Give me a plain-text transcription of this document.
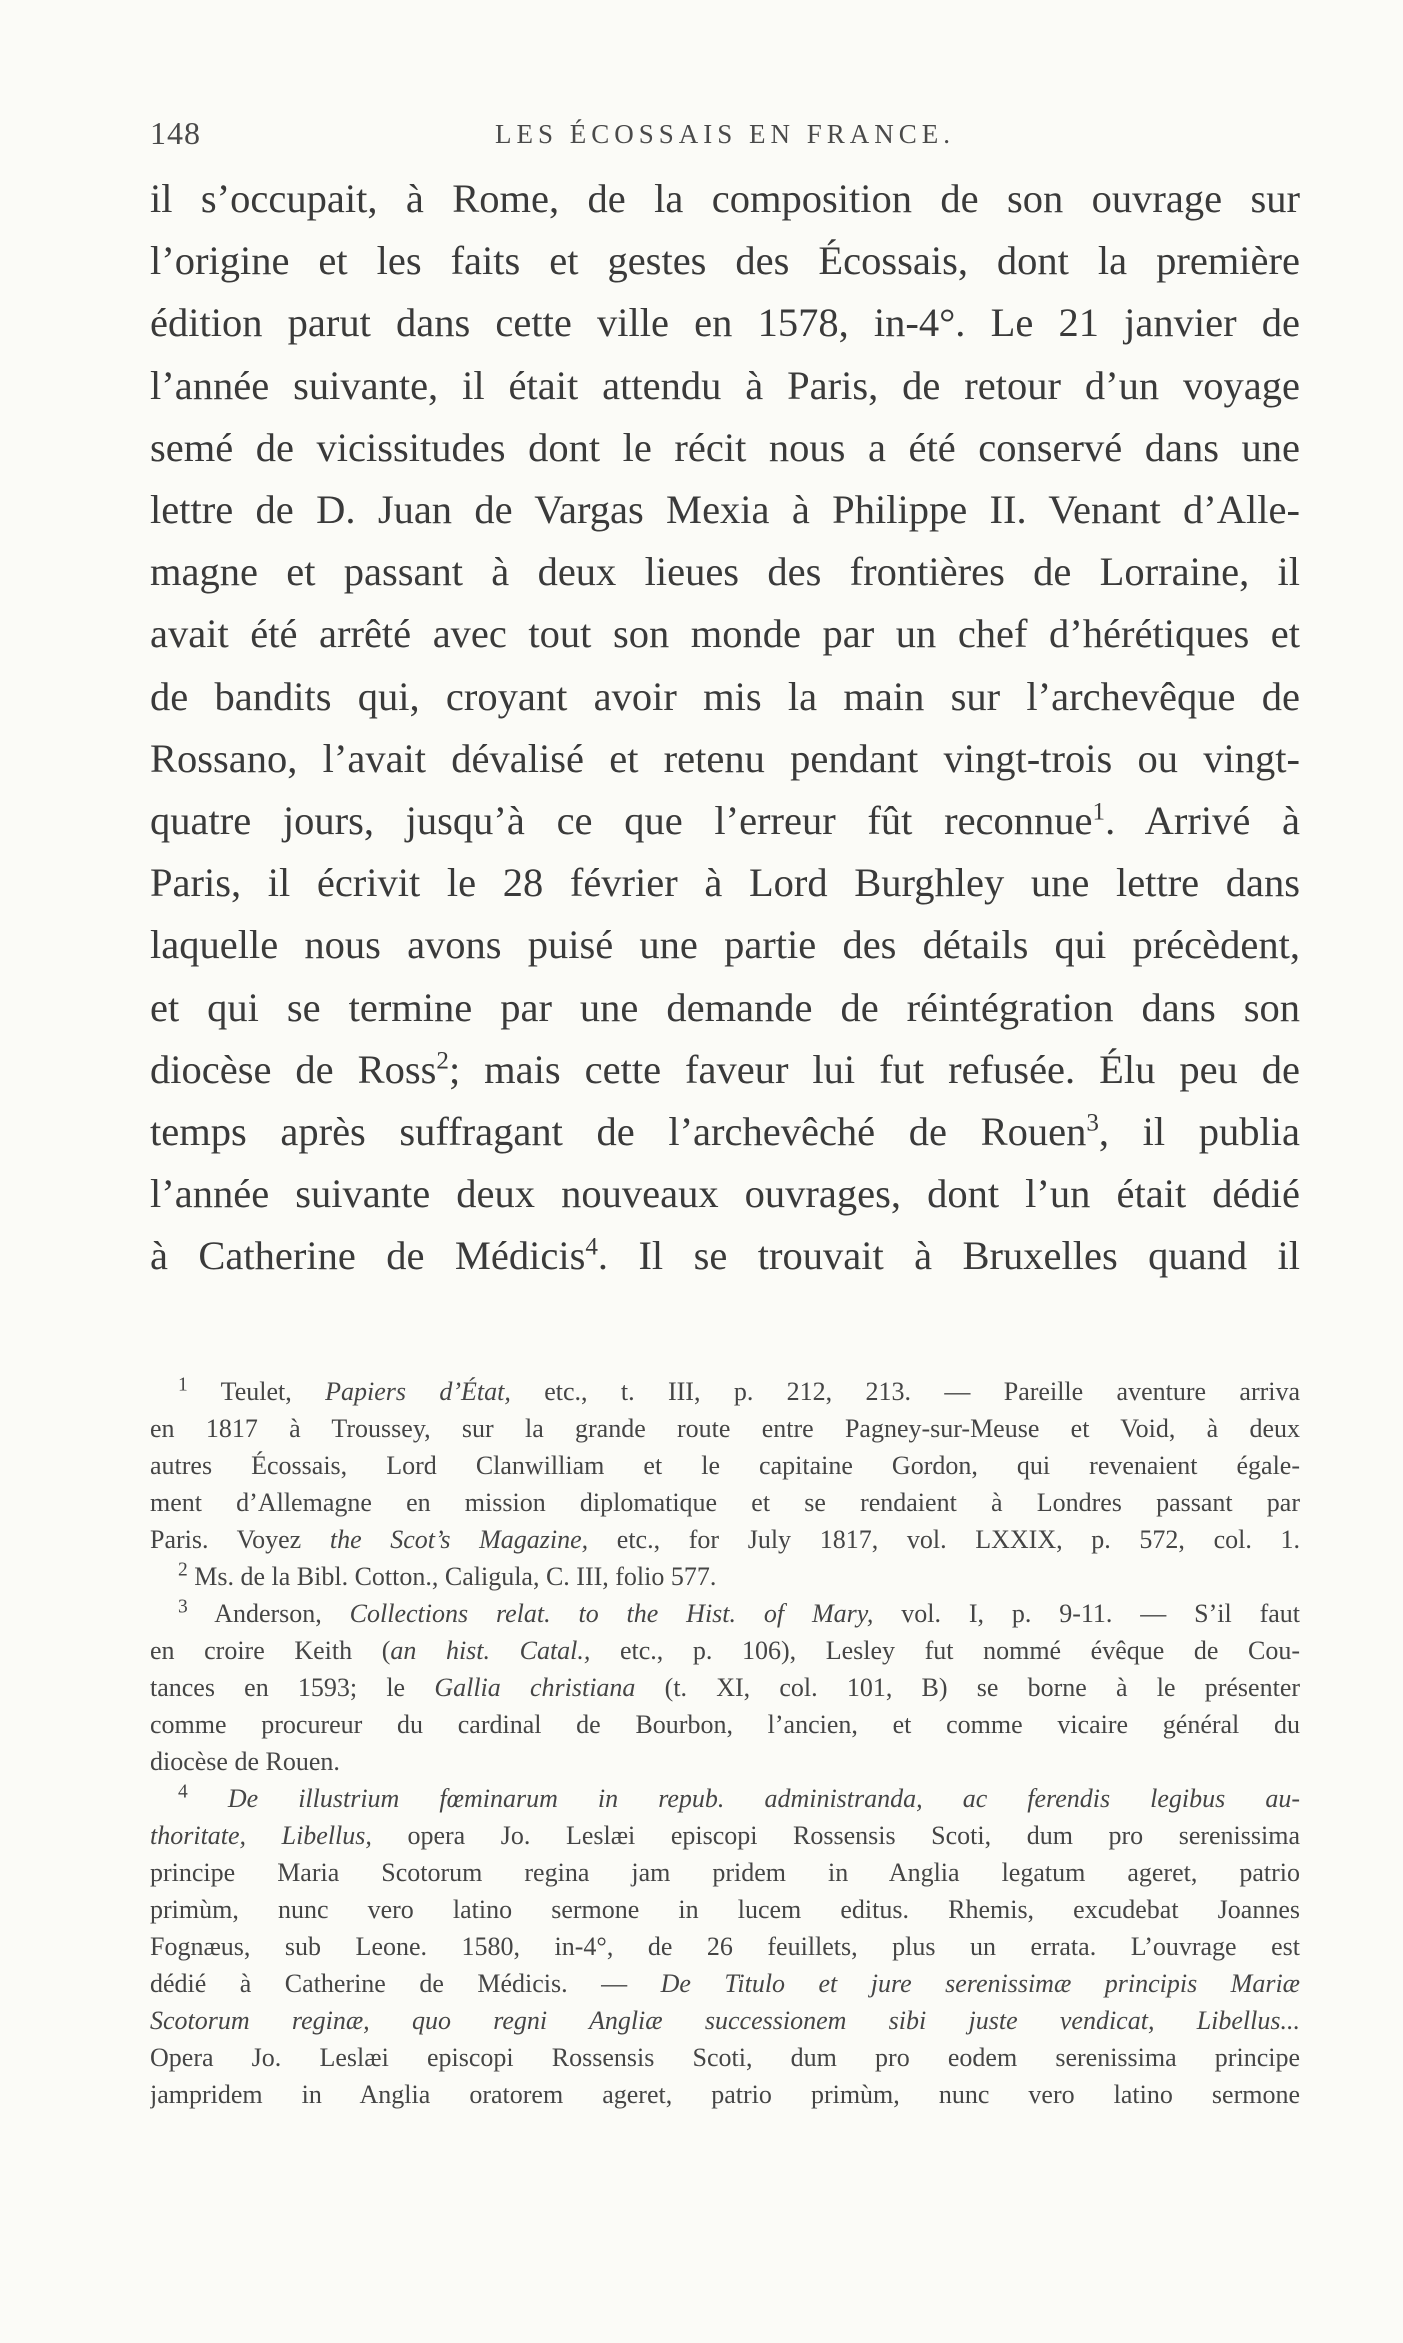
148	LES ÉCOSSAIS EN FRANCE.
il s’occupait, à Rome, de la composition de son ouvrage sur
l’origine et les faits et gestes des Écossais, dont la première
édition parut dans cette ville en 1578, in-4°. Le 21 janvier de
l’année suivante, il était attendu à Paris, de retour d’un voyage
semé de vicissitudes dont le récit nous a été conservé dans une
lettre de D. Juan de Vargas Mexia à Philippe II. Venant d’Alle-
magne et passant à deux lieues des frontières de Lorraine, il
avait été arrêté avec tout son monde par un chef d’hérétiques et
de bandits qui, croyant avoir mis la main sur l’archevêque de
Rossano, l’avait dévalisé et retenu pendant vingt-trois ou vingt-
quatre jours, jusqu’à ce que l’erreur fût reconnue$^1$. Arrivé à
Paris, il écrivit le 28 février à Lord Burghley une lettre dans
laquelle nous avons puisé une partie des détails qui précèdent,
et qui se termine par une demande de réintégration dans son
diocèse de Ross$^2$; mais cette faveur lui fut refusée. Élu peu de
temps après suffragant de l’archevêché de Rouen$^3$, il publia
l’année suivante deux nouveaux ouvrages, dont l’un était dédié
à Catherine de Médicis$^4$. Il se trouvait à Bruxelles quand il
$^1$ Teulet, Papiers d’État, etc., t. III, p. 212, 213. — Pareille aventure arriva
en 1817 à Troussey, sur la grande route entre Pagney-sur-Meuse et Void, à deux
autres Écossais, Lord Clanwilliam et le capitaine Gordon, qui revenaient égale-
ment d’Allemagne en mission diplomatique et se rendaient à Londres passant par
Paris. Voyez the Scot’s Magazine, etc., for July 1817, vol. LXXIX, p. 572, col. 1.
$^2$ Ms. de la Bibl. Cotton., Caligula, C. III, folio 577.
$^3$ Anderson, Collections relat. to the Hist. of Mary, vol. I, p. 9-11. — S’il faut
en croire Keith (an hist. Catal., etc., p. 106), Lesley fut nommé évêque de Cou-
tances en 1593; le Gallia christiana (t. XI, col. 101, B) se borne à le présenter
comme procureur du cardinal de Bourbon, l’ancien, et comme vicaire général du
diocèse de Rouen.
$^4$ De illustrium fœminarum in repub. administranda, ac ferendis legibus au-
thoritate, Libellus, opera Jo. Leslæi episcopi Rossensis Scoti, dum pro serenissima
principe Maria Scotorum regina jam pridem in Anglia legatum ageret, patrio
primùm, nunc vero latino sermone in lucem editus. Rhemis, excudebat Joannes
Fognæus, sub Leone. 1580, in-4°, de 26 feuillets, plus un errata. L’ouvrage est
dédié à Catherine de Médicis. — De Titulo et jure serenissimæ principis Mariæ
Scotorum reginæ, quo regni Angliæ successionem sibi juste vendicat, Libellus...
Opera Jo. Leslæi episcopi Rossensis Scoti, dum pro eodem serenissima principe
jampridem in Anglia oratorem ageret, patrio primùm, nunc vero latino sermone
